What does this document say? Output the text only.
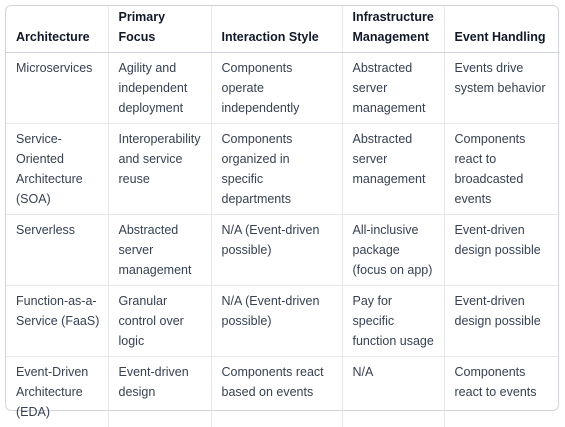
Architecture	Primary Focus	Interaction Style	Infrastructure Management	Event Handling
Microservices	Agility and independent deployment	Components operate independently	Abstracted server management	Events drive system behavior
Service-Oriented Architecture (SOA)	Interoperability and service reuse	Components organized in specific departments	Abstracted server management	Components react to broadcasted events
Serverless	Abstracted server management	N/A (Event-driven possible)	All-inclusive package (focus on app)	Event-driven design possible
Function-as-a-Service (FaaS)	Granular control over logic	N/A (Event-driven possible)	Pay for specific function usage	Event-driven design possible
Event-Driven Architecture (EDA)	Event-driven design	Components react based on events	N/A	Components react to events
